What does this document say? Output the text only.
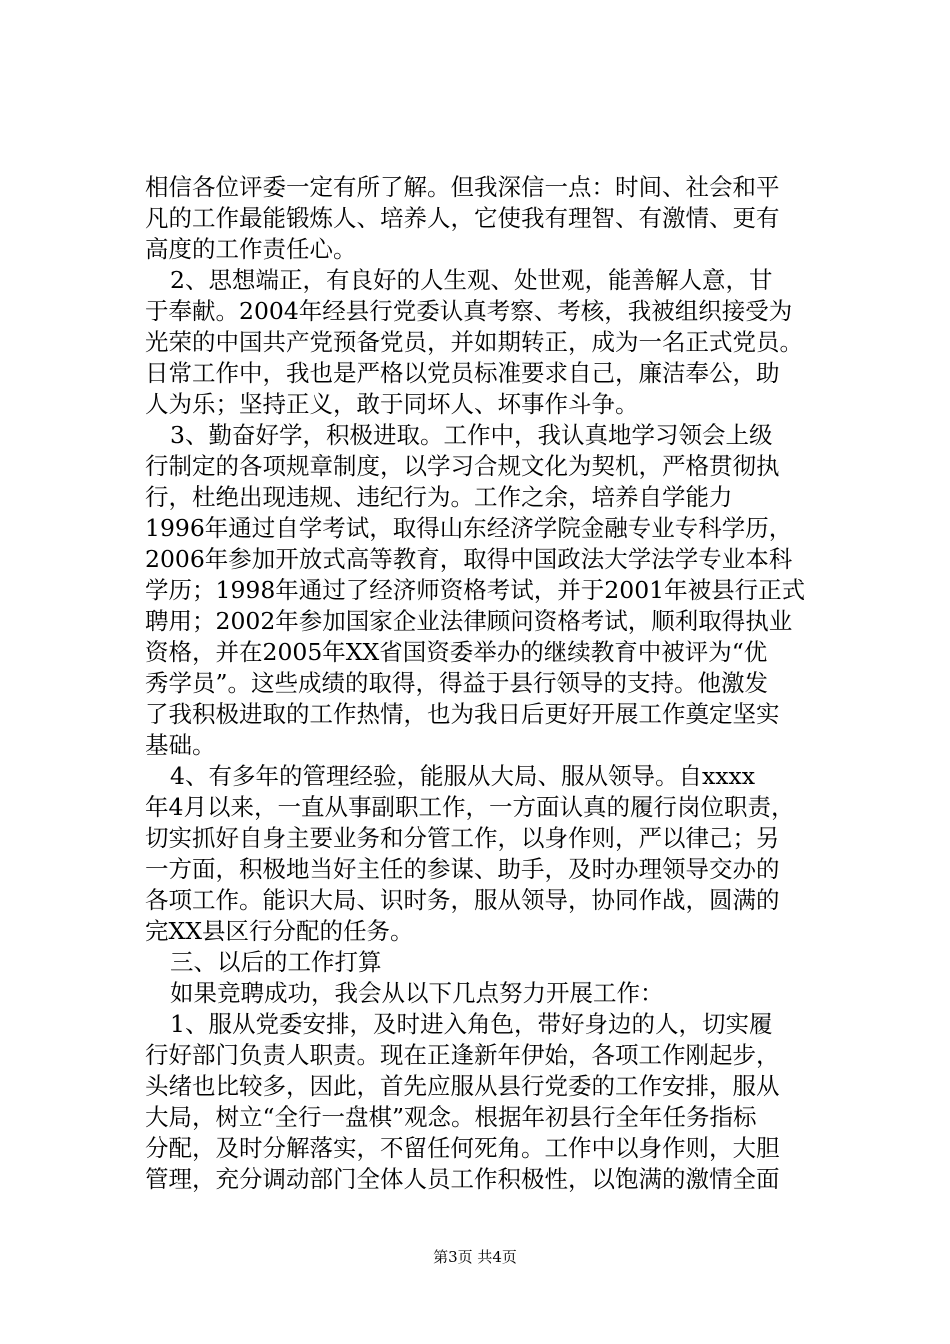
相信各位评委一定有所了解。但我深信一点：时间、社会和平
凡的工作最能锻炼人、培养人，它使我有理智、有激情、更有
高度的工作责任心。
2、思想端正，有良好的人生观、处世观，能善解人意，甘
于奉献。2004年经县行党委认真考察、考核，我被组织接受为
光荣的中国共产党预备党员，并如期转正，成为一名正式党员。
日常工作中，我也是严格以党员标准要求自己，廉洁奉公，助
人为乐；坚持正义，敢于同坏人、坏事作斗争。
3、勤奋好学，积极进取。工作中，我认真地学习领会上级
行制定的各项规章制度，以学习合规文化为契机，严格贯彻执
行，杜绝出现违规、违纪行为。工作之余，培养自学能力
1996年通过自学考试，取得山东经济学院金融专业专科学历，
2006年参加开放式高等教育，取得中国政法大学法学专业本科
学历；1998年通过了经济师资格考试，并于2001年被县行正式
聘用；2002年参加国家企业法律顾问资格考试，顺利取得执业
资格，并在2005年XX省国资委举办的继续教育中被评为“优
秀学员”。这些成绩的取得，得益于县行领导的支持。他激发
了我积极进取的工作热情，也为我日后更好开展工作奠定坚实
基础。
4、有多年的管理经验，能服从大局、服从领导。自xxxx
年4月以来，一直从事副职工作，一方面认真的履行岗位职责，
切实抓好自身主要业务和分管工作，以身作则，严以律己；另
一方面，积极地当好主任的参谋、助手，及时办理领导交办的
各项工作。能识大局、识时务，服从领导，协同作战，圆满的
完XX县区行分配的任务。
三、以后的工作打算
如果竞聘成功，我会从以下几点努力开展工作：
1、服从党委安排，及时进入角色，带好身边的人，切实履
行好部门负责人职责。现在正逢新年伊始，各项工作刚起步，
头绪也比较多，因此，首先应服从县行党委的工作安排，服从
大局，树立“全行一盘棋”观念。根据年初县行全年任务指标
分配，及时分解落实，不留任何死角。工作中以身作则，大胆
管理，充分调动部门全体人员工作积极性，以饱满的激情全面
第3页 共4页
